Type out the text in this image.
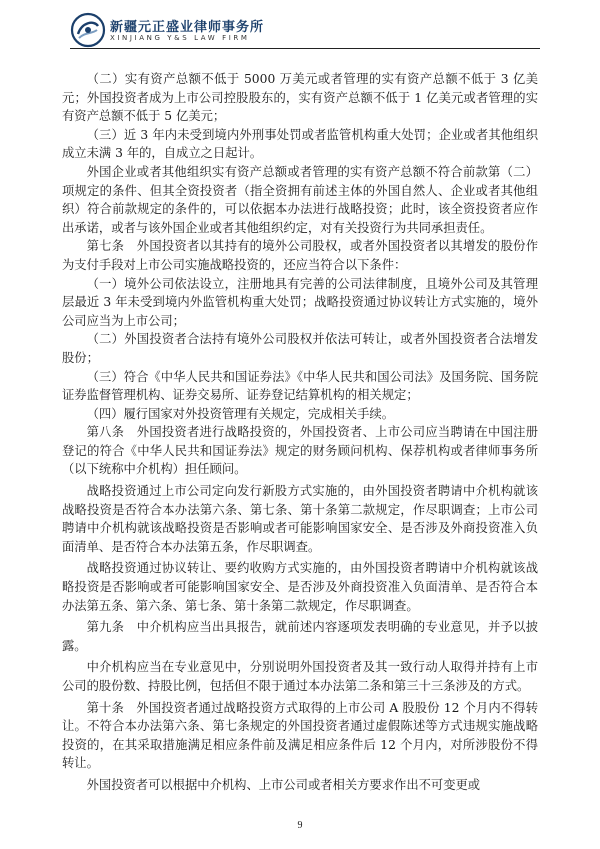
新疆元正盛业律师事务所
XINJIANG Y&S LAW FIRM

（二）实有资产总额不低于 5000 万美元或者管理的实有资产总额不低于 3 亿美元；外国投资者成为上市公司控股股东的，实有资产总额不低于 1 亿美元或者管理的实有资产总额不低于 5 亿美元；

（三）近 3 年内未受到境内外刑事处罚或者监管机构重大处罚；企业或者其他组织成立未满 3 年的，自成立之日起计。

外国企业或者其他组织实有资产总额或者管理的实有资产总额不符合前款第（二）项规定的条件、但其全资投资者（指全资拥有前述主体的外国自然人、企业或者其他组织）符合前款规定的条件的，可以依据本办法进行战略投资；此时，该全资投资者应作出承诺，或者与该外国企业或者其他组织约定，对有关投资行为共同承担责任。

第七条　外国投资者以其持有的境外公司股权，或者外国投资者以其增发的股份作为支付手段对上市公司实施战略投资的，还应当符合以下条件：

（一）境外公司依法设立，注册地具有完善的公司法律制度，且境外公司及其管理层最近 3 年未受到境内外监管机构重大处罚；战略投资通过协议转让方式实施的，境外公司应当为上市公司；

（二）外国投资者合法持有境外公司股权并依法可转让，或者外国投资者合法增发股份；

（三）符合《中华人民共和国证券法》《中华人民共和国公司法》及国务院、国务院证券监督管理机构、证券交易所、证券登记结算机构的相关规定；

（四）履行国家对外投资管理有关规定，完成相关手续。

第八条　外国投资者进行战略投资的，外国投资者、上市公司应当聘请在中国注册登记的符合《中华人民共和国证券法》规定的财务顾问机构、保荐机构或者律师事务所（以下统称中介机构）担任顾问。

战略投资通过上市公司定向发行新股方式实施的，由外国投资者聘请中介机构就该战略投资是否符合本办法第六条、第七条、第十条第二款规定，作尽职调查；上市公司聘请中介机构就该战略投资是否影响或者可能影响国家安全、是否涉及外商投资准入负面清单、是否符合本办法第五条，作尽职调查。

战略投资通过协议转让、要约收购方式实施的，由外国投资者聘请中介机构就该战略投资是否影响或者可能影响国家安全、是否涉及外商投资准入负面清单、是否符合本办法第五条、第六条、第七条、第十条第二款规定，作尽职调查。

第九条　中介机构应当出具报告，就前述内容逐项发表明确的专业意见，并予以披露。

中介机构应当在专业意见中，分别说明外国投资者及其一致行动人取得并持有上市公司的股份数、持股比例，包括但不限于通过本办法第二条和第三十三条涉及的方式。

第十条　外国投资者通过战略投资方式取得的上市公司 A 股股份 12 个月内不得转让。不符合本办法第六条、第七条规定的外国投资者通过虚假陈述等方式违规实施战略投资的，在其采取措施满足相应条件前及满足相应条件后 12 个月内，对所涉股份不得转让。

外国投资者可以根据中介机构、上市公司或者相关方要求作出不可变更或

9
